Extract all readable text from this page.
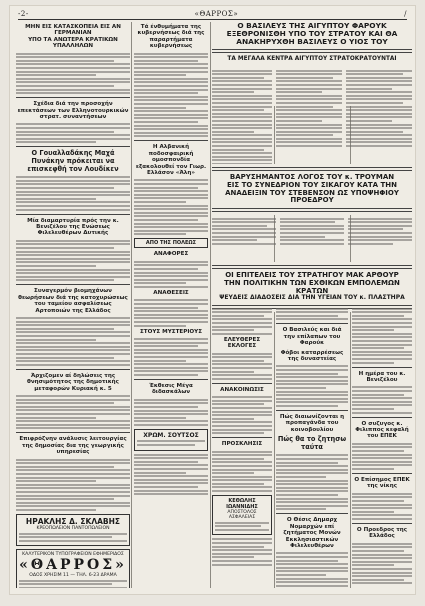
-2-	«ΘΑΡΡΟΣ»	/
ΜΗΝ ΕΙΣ ΚΑΤΑΣΚΟΠΕΙΑ ΕΙΣ ΑΝ ΓΕΡΜΑΝΙΑΝ
ΥΠΟ ΤΑ ΑΝΩΤΕΡΑ ΚΡΑΤΙΚΩΝ ΥΠΑΛΛΗΛΩΝ
Σχέδια διά την προσοχήν επεκτάσεων των Ελληνοτουρκικών στρατ. συναντήσεων
Ο Γουαλλαδάκης Μαχά Πυνάκην πρόκειται να επισκεφθή τον Λουδίκεν
Μία διαμαρτυρία πρός την κ. Βενιζέλου της Ενώσεως Φιλελευθέρων Δυτικής
Συναγερμόν βιομηχάνων θεωρήσεων διά της κατοχυρώσεως του ταμείου ασφαλίσεως Αρτοποιών της Ελλάδος
Άρχιζομεν αί δηλώσεις της θνησιμότητος της δημοτικής μεταφορών Κυριακή κ. 5
Επιφρόζνην ανάλυσις λειτουργίας της δημοσίας δια της γεωργικής υπηρεσίας
ΗΡΑΚΛΗΣ Δ. ΣΚΛΑΒΗΣ
ΚΡΕΟΠΩΛΕΙΟΝ ΠΑΝΤΟΠΩΛΕΙΟΝ
ΚΑΛΥΤΕΡΙΚΟΝ ΤΥΠΟΓΡΑΦΕΙΟΝ ΕΦΗΜΕΡΙΔΟΣ
«ΘΑΡΡΟΣ»
ΟΔΟΣ ΧΡΗΣΙΜ 11 — ΤΗΛ. 6-23 ΔΡΑΜΑ
Τά ένθυμήματα της κυβερνήσεως διά της παραρτήματα κυβερνήσεως
Η Αλβανική ποδοσφαιρική ομοσπονδία εξακολουθεί τον Γιωρ. Ελλάσον «Άλη»
ΑΠΟ ΤΗΣ ΠΟΛΕΩΣ
ΑΝΑΦΟΡΕΣ
ΑΝΑΘΕΣΕΙΣ
ΣΤΟΥΣ ΜΥΣΤΕΡΙΟΥΣ
Έκθεσις Μέγα διδασκάλων
ΧΡΩΜ. ΣΟΥΤΣΟΣ
Ο ΒΑΣΙΛΕΥΣ ΤΗΣ ΑΙΓΥΠΤΟΥ ΦΑΡΟΥΚ
ΕΞΕΘΡΟΝΙΣΘΗ ΥΠΟ ΤΟΥ ΣΤΡΑΤΟΥ ΚΑΙ ΘΑ
ΑΝΑΚΗΡΥΧΘΗ ΒΑΣΙΛΕΥΣ Ο ΥΙΟΣ ΤΟΥ
ΤΑ ΜΕΓΑΛΑ ΚΕΝΤΡΑ ΑΙΓΥΠΤΟΥ ΣΤΡΑΤΟΚΡΑΤΟΥΝΤΑΙ
ΒΑΡΥΣΗΜΑΝΤΟΣ ΛΟΓΟΣ ΤΟΥ κ. ΤΡΟΥΜΑΝ
ΕΙΣ ΤΟ ΣΥΝΕΔΡΙΟΝ ΤΟΥ ΣΙΚΑΓΟΥ ΚΑΤΑ ΤΗΝ
ΑΝΑΔΕΙΞΙΝ ΤΟΥ ΣΤΕΒΕΝΣΟΝ ΩΣ ΥΠΟΨΗΦΙΟΥ ΠΡΟΕΔΡΟΥ
ΟΙ ΕΠΙΤΕΛΕΙΣ ΤΟΥ ΣΤΡΑΤΗΓΟΥ ΜΑΚ ΑΡΘΟΥΡ
ΤΗΝ ΠΟΛΙΤΙΚΗΝ ΤΩΝ ΕΧΘΙΚΩΝ ΕΜΠΟΛΕΜΩΝ ΚΡΑΤΩΝ
ΨΕΥΔΕΙΣ ΔΙΑΔΟΣΕΙΣ ΔΙΑ ΤΗΝ ΥΓΕΙΑΝ ΤΟΥ κ. ΠΛΑΣΤΗΡΑ
ΕΛΕΥΘΕΡΕΣ ΕΚΛΟΓΕΣ
ΑΝΑΚΟΙΝΩΣΙΣ
ΠΡΟΣΚΛΗΣΙΣ
ΚΕΘΩΛΗΣ ΙΩΑΝΝΙΔΗΣ
ΑΠΟΣΤΟΛΟΣ ΑΣΦΑΛΕΙΑΣ
Ο Βασιλεύς και διά την επίλαπων του Φαρούκ
Φόβοι καταρρέσεως της δυναστείας
Πώς διαιωνίζονται η προπαγάνδα του κοινοβουλίου
Πώς θα το ζητησω ταύτα
Ο Θέσις Δημαρχ Νομαρχών επί ζητήματος Μονών Εκκλησιαστικών Φιλελευθέρων
Η ημέρα του κ. Βενιζέλου
Ο συζυγος κ. Φιλιππος κεφαλή του ΕΠΕΚ
Ο Επίσημος ΕΠΕΚ της νίκης
Ο Προεδρος της Ελλάδος
